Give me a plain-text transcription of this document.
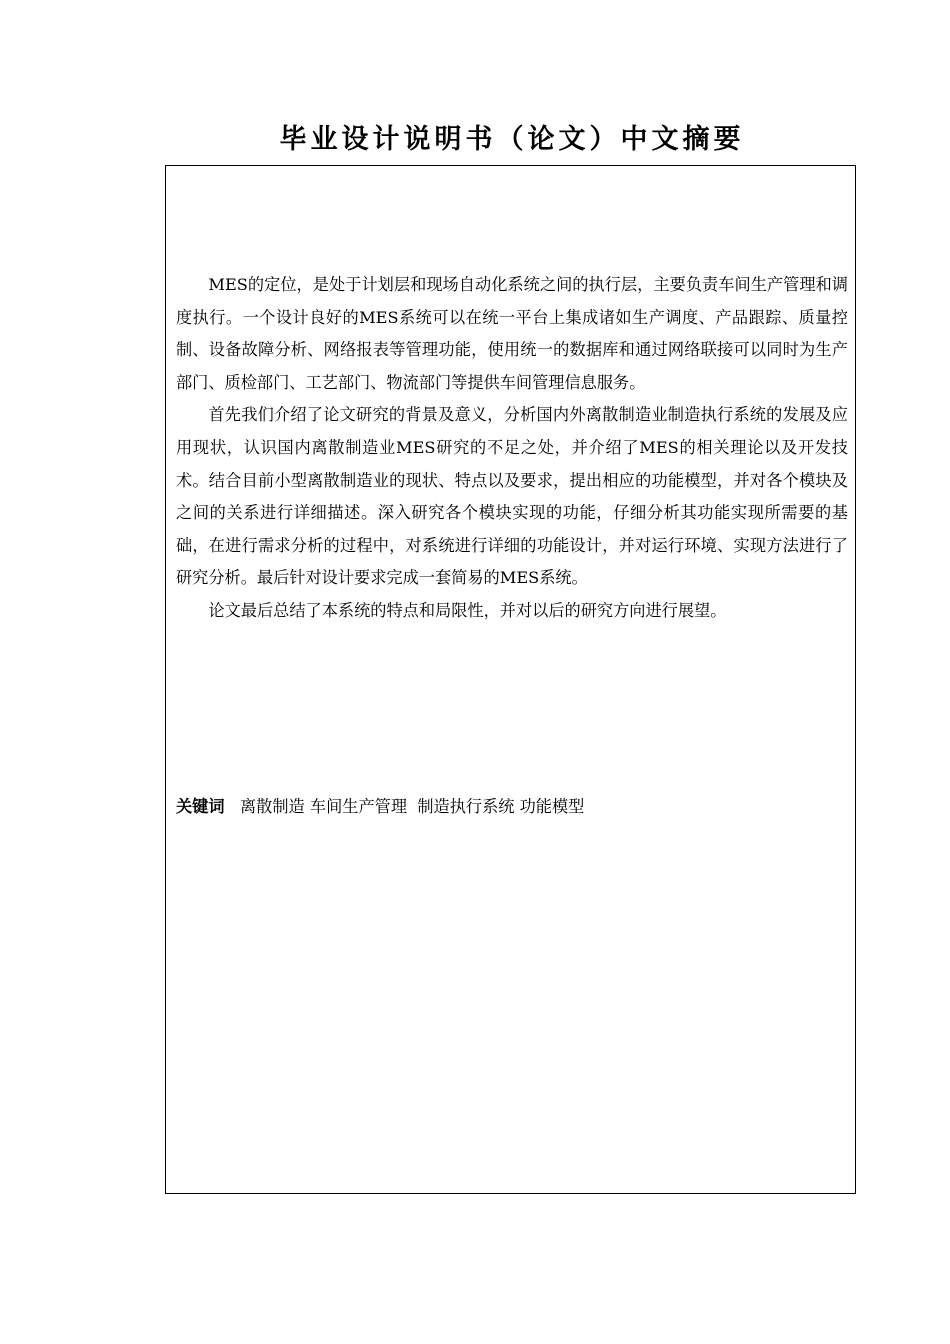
毕业设计说明书（论文）中文摘要

MES的定位，是处于计划层和现场自动化系统之间的执行层，主要负责车间生产管理和调度执行。一个设计良好的MES系统可以在统一平台上集成诸如生产调度、产品跟踪、质量控制、设备故障分析、网络报表等管理功能，使用统一的数据库和通过网络联接可以同时为生产部门、质检部门、工艺部门、物流部门等提供车间管理信息服务。

首先我们介绍了论文研究的背景及意义，分析国内外离散制造业制造执行系统的发展及应用现状，认识国内离散制造业MES研究的不足之处，并介绍了MES的相关理论以及开发技术。结合目前小型离散制造业的现状、特点以及要求，提出相应的功能模型，并对各个模块及之间的关系进行详细描述。深入研究各个模块实现的功能，仔细分析其功能实现所需要的基础，在进行需求分析的过程中，对系统进行详细的功能设计，并对运行环境、实现方法进行了研究分析。最后针对设计要求完成一套简易的MES系统。

论文最后总结了本系统的特点和局限性，并对以后的研究方向进行展望。

关键词 离散制造 车间生产管理 制造执行系统 功能模型
